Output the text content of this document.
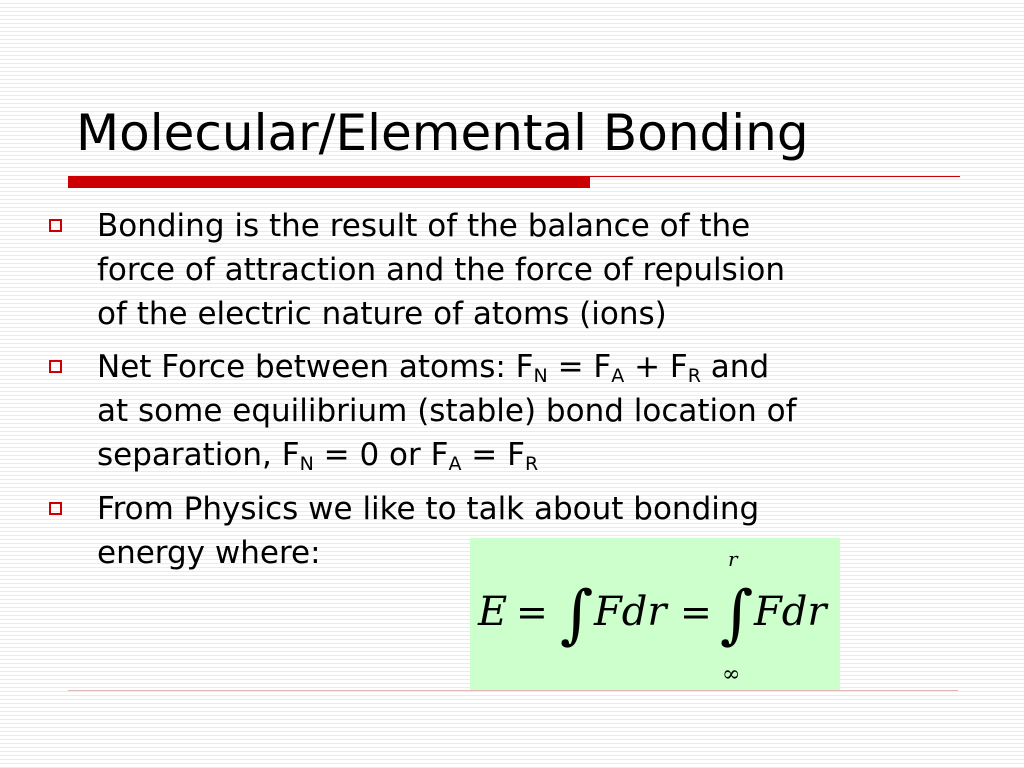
Molecular/Elemental Bonding
Bonding is the result of the balance of the
force of attraction and the force of repulsion
of the electric nature of atoms (ions)
Net Force between atoms: $F_N = F_A + F_R$ and
at some equilibrium (stable) bond location of
separation, $F_N = 0$ or $F_A = F_R$
From Physics we like to talk about bonding
energy where:
E = ∫ Fdr = ∫
r
∞
Fdr
